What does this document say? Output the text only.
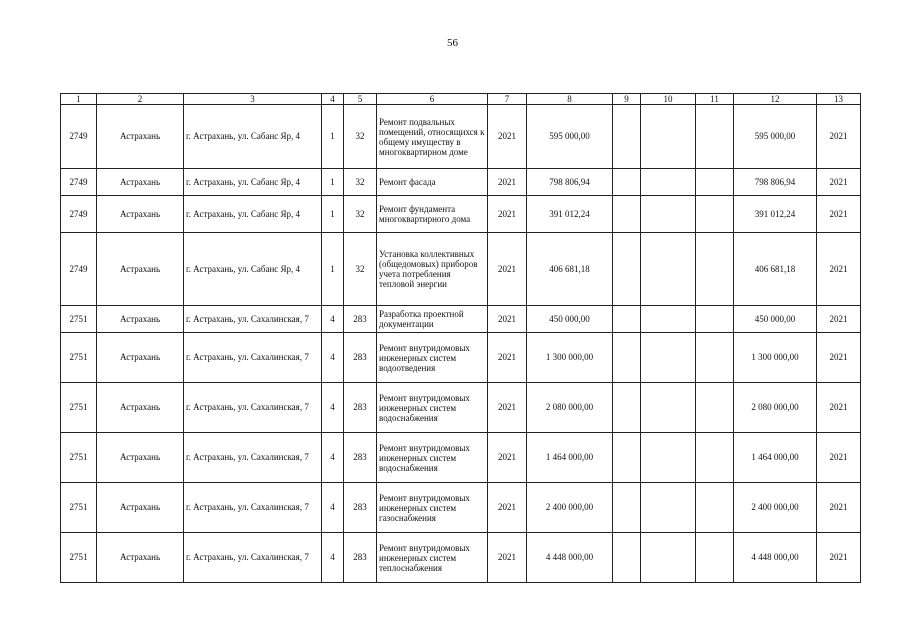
56
1	2	3	4	5	6	7	8	9	10	11	12	13
2749	Астрахань	г. Астрахань, ул. Сабанс Яр, 4	1	32	Ремонт подвальных помещений, относящихся к общему имуществу в многоквартирном доме	2021	595 000,00				595 000,00	2021
2749	Астрахань	г. Астрахань, ул. Сабанс Яр, 4	1	32	Ремонт фасада	2021	798 806,94				798 806,94	2021
2749	Астрахань	г. Астрахань, ул. Сабанс Яр, 4	1	32	Ремонт фундамента многоквартирного дома	2021	391 012,24				391 012,24	2021
2749	Астрахань	г. Астрахань, ул. Сабанс Яр, 4	1	32	Установка коллективных (общедомовых) приборов учета потребления тепловой энергии	2021	406 681,18				406 681,18	2021
2751	Астрахань	г. Астрахань, ул. Сахалинская, 7	4	283	Разработка проектной документации	2021	450 000,00				450 000,00	2021
2751	Астрахань	г. Астрахань, ул. Сахалинская, 7	4	283	Ремонт внутридомовых инженерных систем водоотведения	2021	1 300 000,00				1 300 000,00	2021
2751	Астрахань	г. Астрахань, ул. Сахалинская, 7	4	283	Ремонт внутридомовых инженерных систем водоснабжения	2021	2 080 000,00				2 080 000,00	2021
2751	Астрахань	г. Астрахань, ул. Сахалинская, 7	4	283	Ремонт внутридомовых инженерных систем водоснабжения	2021	1 464 000,00				1 464 000,00	2021
2751	Астрахань	г. Астрахань, ул. Сахалинская, 7	4	283	Ремонт внутридомовых инженерных систем газоснабжения	2021	2 400 000,00				2 400 000,00	2021
2751	Астрахань	г. Астрахань, ул. Сахалинская, 7	4	283	Ремонт внутридомовых инженерных систем теплоснабжения	2021	4 448 000,00				4 448 000,00	2021
